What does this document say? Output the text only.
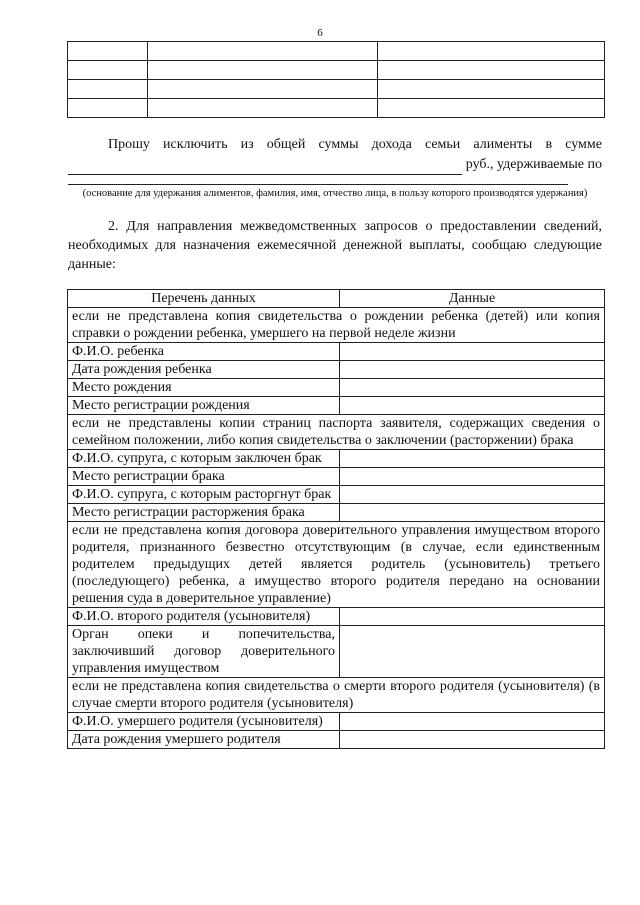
6

Прошу исключить из общей суммы дохода семьи алименты в сумме
руб., удерживаемые по
(основание для удержания алиментов, фамилия, имя, отчество лица, в пользу которого производятся удержания)
2. Для направления межведомственных запросов о предоставлении сведений, необходимых для назначения ежемесячной денежной выплаты, сообщаю следующие данные:
Перечень данных	Данные
если не представлена копия свидетельства о рождении ребенка (детей) или копия справки о рождении ребенка, умершего на первой неделе жизни	
Ф.И.О. ребенка	
Дата рождения ребенка	
Место рождения	
Место регистрации рождения	
если не представлены копии страниц паспорта заявителя, содержащих сведения о семейном положении, либо копия свидетельства о заключении (расторжении) брака	
Ф.И.О. супруга, с которым заключен брак	
Место регистрации брака	
Ф.И.О. супруга, с которым расторгнут брак	
Место регистрации расторжения брака	
если не представлена копия договора доверительного управления имуществом второго родителя, признанного безвестно отсутствующим (в случае, если единственным родителем предыдущих детей является родитель (усыновитель) третьего (последующего) ребенка, а имущество второго родителя передано на основании решения суда в доверительное управление)	
Ф.И.О. второго родителя (усыновителя)	
Орган опеки и попечительства, заключивший договор доверительного управления имуществом	
если не представлена копия свидетельства о смерти второго родителя (усыновителя) (в случае смерти второго родителя (усыновителя)	
Ф.И.О. умершего родителя (усыновителя)	
Дата рождения умершего родителя	
